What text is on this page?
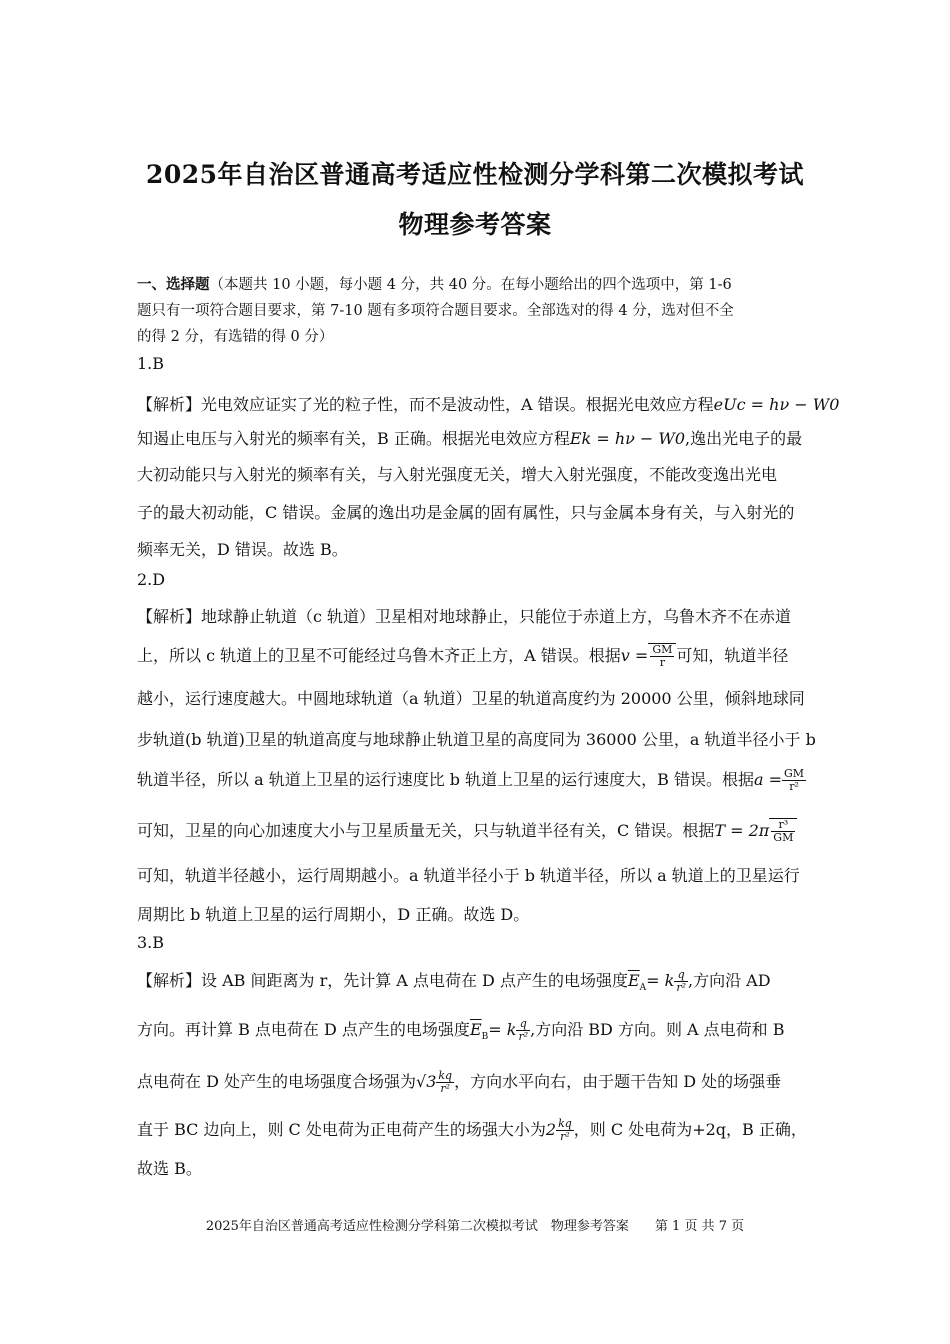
2025年自治区普通高考适应性检测分学科第二次模拟考试
物理参考答案
一、选择题（本题共 10 小题，每小题 4 分，共 40 分。在每小题给出的四个选项中，第 1-6
题只有一项符合题目要求，第 7-10 题有多项符合题目要求。全部选对的得 4 分，选对但不全
的得 2 分，有选错的得 0 分）
1.B
【解析】光电效应证实了光的粒子性，而不是波动性，A 错误。根据光电效应方程eUc = hν − W0
知遏止电压与入射光的频率有关，B 正确。根据光电效应方程Ek = hν − W0,逸出光电子的最
大初动能只与入射光的频率有关，与入射光强度无关，增大入射光强度，不能改变逸出光电
子的最大初动能，C 错误。金属的逸出功是金属的固有属性，只与金属本身有关，与入射光的
频率无关，D 错误。故选 B。
2.D
【解析】地球静止轨道（c 轨道）卫星相对地球静止，只能位于赤道上方，乌鲁木齐不在赤道
上，所以 c 轨道上的卫星不可能经过乌鲁木齐正上方，A 错误。根据$v = \frac{GM}{r}$ 可知，轨道半径
越小，运行速度越大。中圆地球轨道（a 轨道）卫星的轨道高度约为 20000 公里，倾斜地球同
步轨道(b 轨道)卫星的轨道高度与地球静止轨道卫星的高度同为 36000 公里，a 轨道半径小于 b
轨道半径，所以 a 轨道上卫星的运行速度比 b 轨道上卫星的运行速度大，B 错误。根据$a = \frac{GM}{\text{r²}}$
可知，卫星的向心加速度大小与卫星质量无关，只与轨道半径有关，C 错误。根据$T = 2\pi \frac{\text{r³}}{GM}$
可知，轨道半径越小，运行周期越小。a 轨道半径小于 b 轨道半径，所以 a 轨道上的卫星运行
周期比 b 轨道上卫星的运行周期小，D 正确。故选 D。
3.B
【解析】设 AB 间距离为 r，先计算 A 点电荷在 D 点产生的电场强度$\overline{E}_A= k \frac{q}{\text{r²}}$ ,方向沿 AD
方向。再计算 B 点电荷在 D 点产生的电场强度$\overline{E}_B= k \frac{q}{\text{r²}}$ ,方向沿 BD 方向。则 A 点电荷和 B
点电荷在 D 处产生的电场强度合场强为$√3 \frac{kq}{\text{r²}}$ ，方向水平向右，由于题干告知 D 处的场强垂
直于 BC 边向上，则 C 处电荷为正电荷产生的场强大小为$2 \frac{kq}{\text{r²}}$ ，则 C 处电荷为+2q，B 正确，
故选 B。
2025年自治区普通高考适应性检测分学科第二次模拟考试　物理参考答案　　第 1 页 共 7 页
